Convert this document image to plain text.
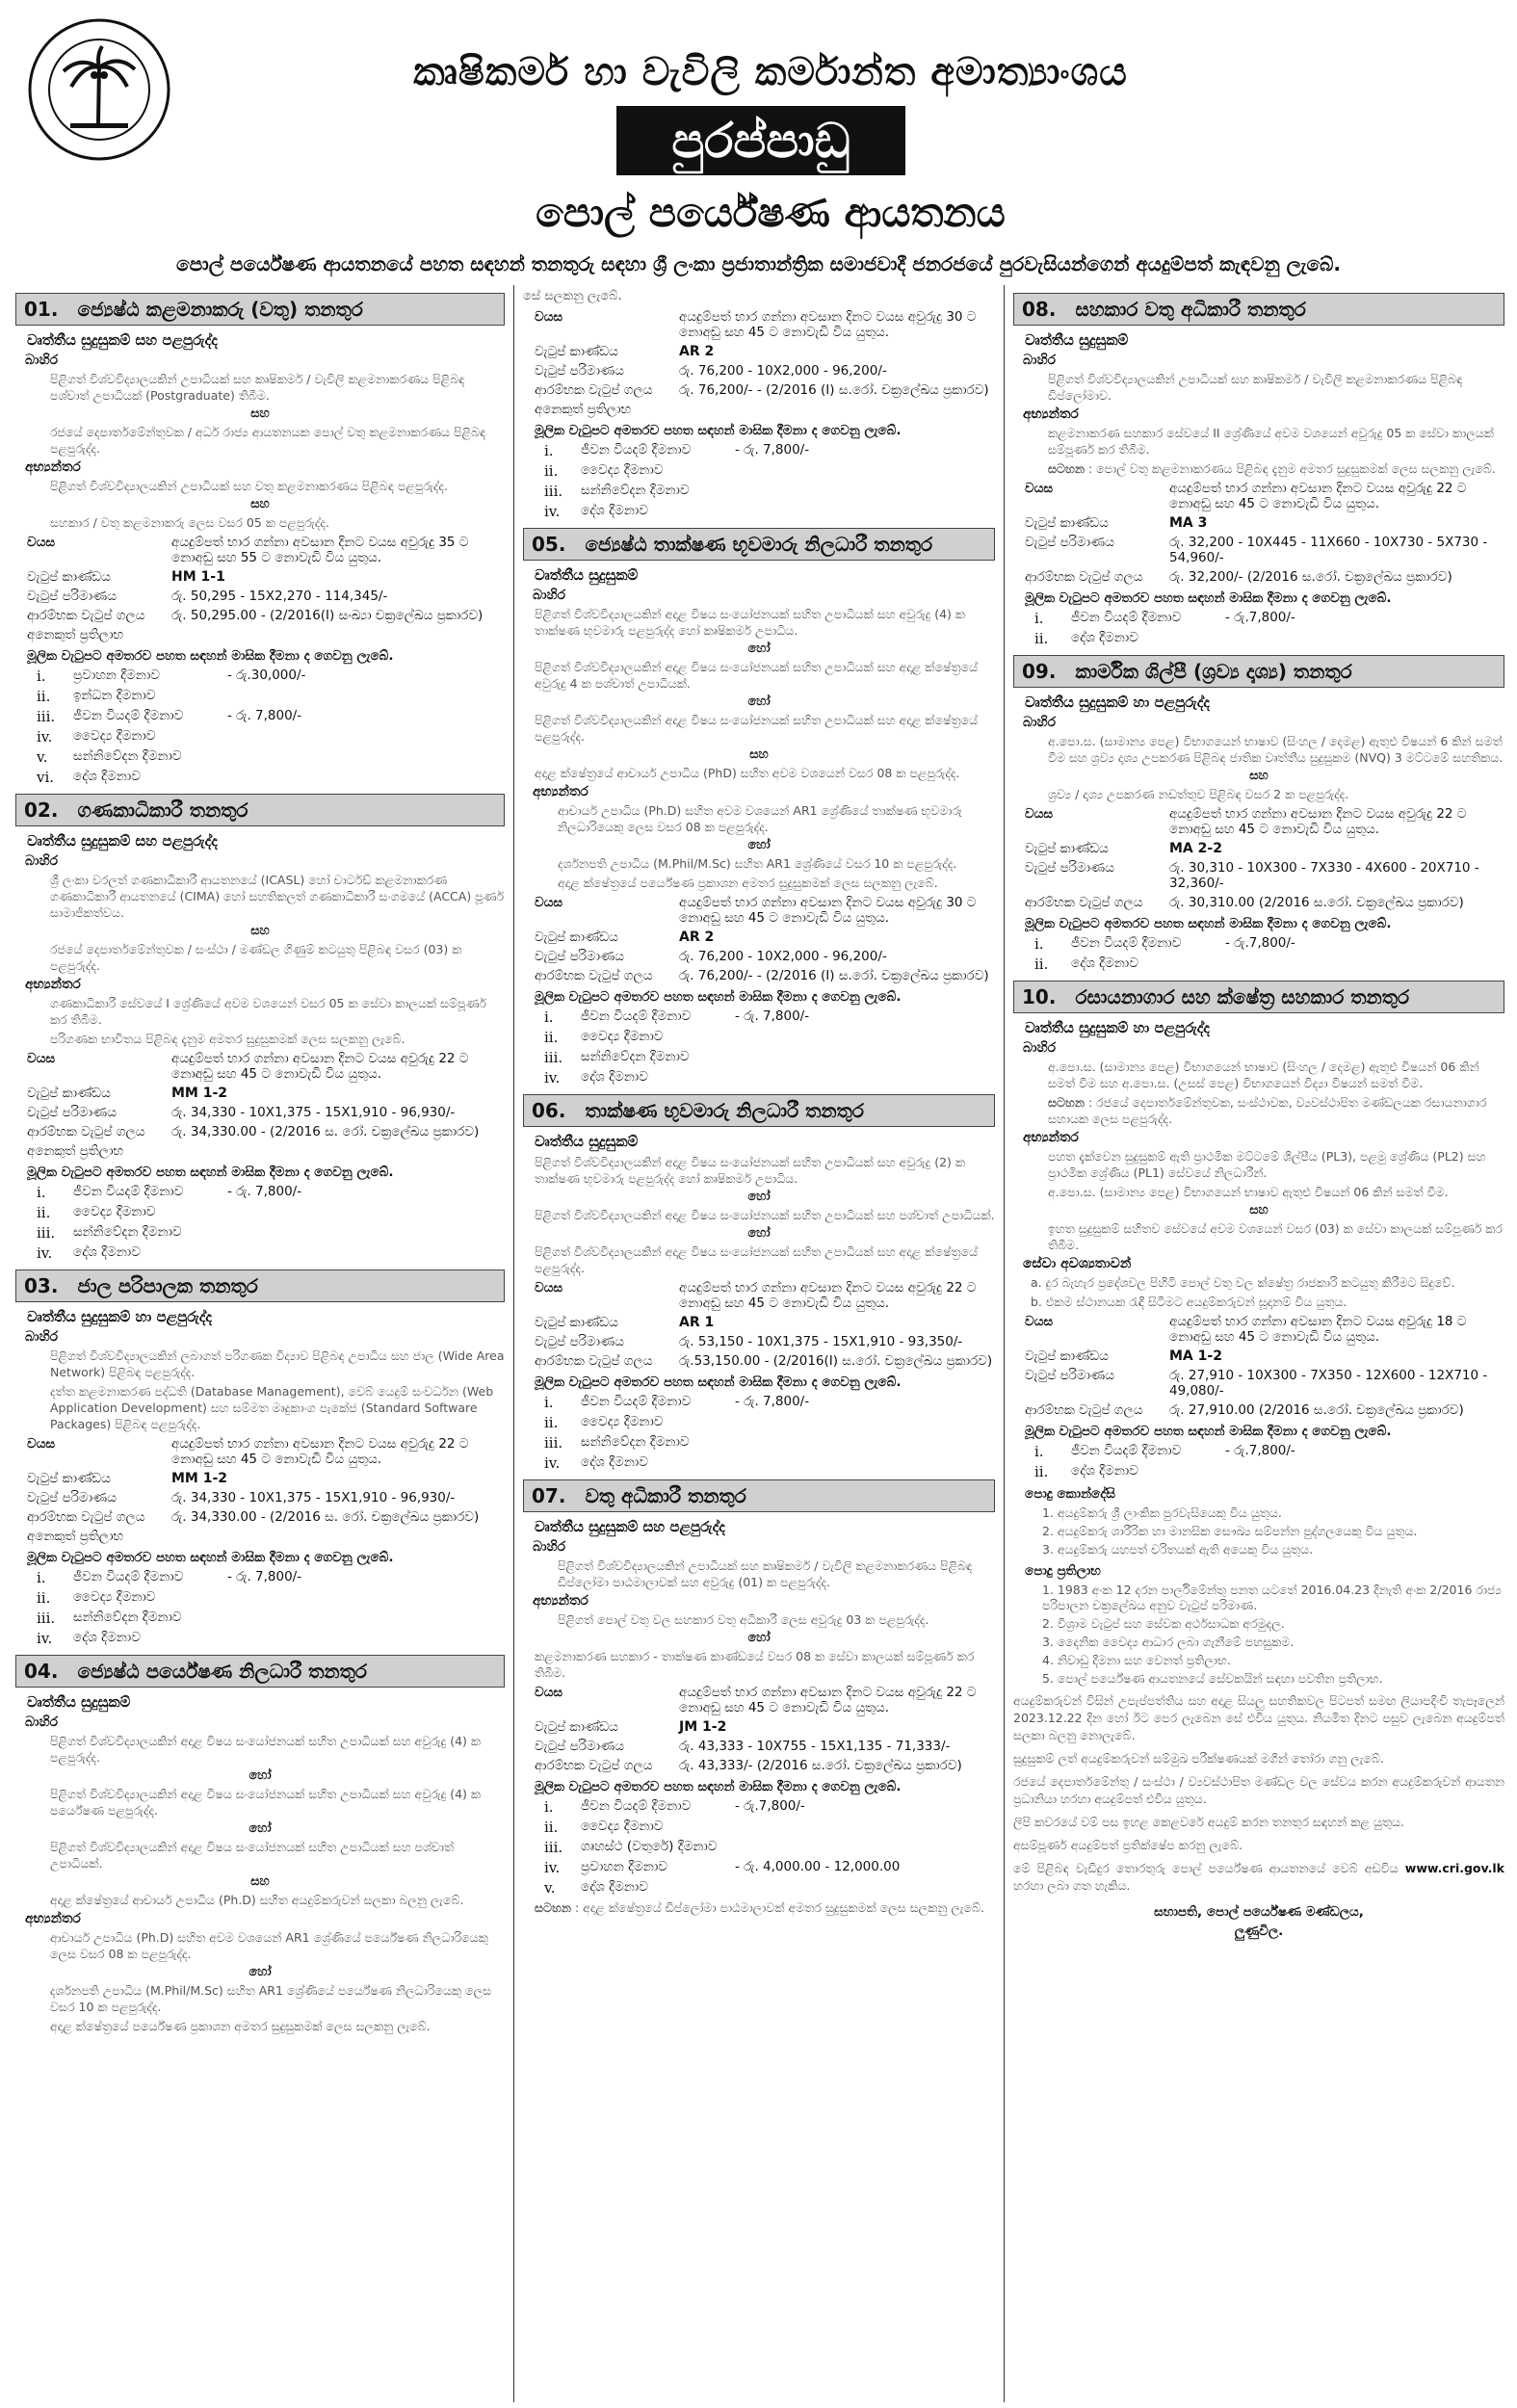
කෘෂිකර්ම හා වැවිලි කර්මාන්ත අමාත්‍යාංශය
පුරප්පාඩු
පොල් පර්යේෂණ ආයතනය
පොල් පර්යේෂණ ආයතනයේ පහත සඳහන් තනතුරු සඳහා ශ්‍රී ලංකා ප්‍රජාතාන්ත්‍රික සමාජවාදී ජනරජයේ පුරවැසියන්ගෙන් අයදුම්පත් කැඳවනු ලැබේ.
01. ජ්‍යෙෂ්ඨ කළමනාකරු (වතු) තනතුර
වෘත්තීය සුදුසුකම් සහ පළපුරුද්ද
බාහිර
පිළිගත් විශ්වවිද්‍යාලයකින් උපාධියක් සහ කෘෂිකර්ම / වැවිලි කළමනාකරණය පිළිබඳ පශ්චාත් උපාධියක් (Postgraduate) තිබීම.
සහ
රජයේ දෙපාර්තමේන්තුවක / අර්ධ රාජ්‍ය ආයතනයක පොල් වතු කළමනාකරණය පිළිබඳ පළපුරුද්ද.
අභ්‍යන්තර
පිළිගත් විශ්වවිද්‍යාලයකින් උපාධියක් සහ වතු කළමනාකරණය පිළිබඳ පළපුරුද්ද.
සහ
සහකාර / වතු කළමනාකරු ලෙස වසර 05 ක පළපුරුද්ද.
වයස	අයදුම්පත් භාර ගන්නා අවසාන දිනට වයස අවුරුදු 35 ට නොඅඩු සහ 55 ට නොවැඩි විය යුතුය.
වැටුප් කාණ්ඩය	HM 1-1
වැටුප් පරිමාණය	රු. 50,295 - 15X2,270 - 114,345/-
ආරම්භක වැටුප් ගලය	රු. 50,295.00 - (2/2016(I) සංඛ්‍යා චක්‍රලේඛය ප්‍රකාරව)
අනෙකුත් ප්‍රතිලාභ
මූලික වැටුපට අමතරව පහත සඳහන් මාසික දීමනා ද ගෙවනු ලැබේ.
i.	ප්‍රවාහන දීමනාව	- රු.30,000/-
ii.	ඉන්ධන දීමනාව
iii.	ජීවන වියදම් දීමනාව	- රු. 7,800/-
iv.	වෛද්‍ය දීමනාව
v.	සන්නිවේදන දීමනාව
vi.	දේශ දීමනාව
02. ගණකාධිකාරී තනතුර
වෘත්තීය සුදුසුකම් සහ පළපුරුද්ද
බාහිර
ශ්‍රී ලංකා වරලත් ගණකාධිකාරී ආයතනයේ (ICASL) හෝ චාර්ටඩ් කළමනාකරණ ගණකාධිකාරී ආයතනයේ (CIMA) හෝ සහතිකලත් ගණකාධිකාරී සංගමයේ (ACCA) පූර්ණ සාමාජිකත්වය.
සහ
රජයේ දෙපාර්තමේන්තුවක / සංස්ථා / මණ්ඩල ගිණුම් කටයුතු පිළිබඳ වසර (03) ක පළපුරුද්ද.
අභ්‍යන්තර
ගණකාධිකාරී සේවයේ I ශ්‍රේණියේ අවම වශයෙන් වසර 05 ක සේවා කාලයක් සම්පූර්ණ කර තිබීම.
පරිගණක භාවිතය පිළිබඳ දැනුම අමතර සුදුසුකමක් ලෙස සලකනු ලැබේ.
වයස	අයදුම්පත් භාර ගන්නා අවසාන දිනට වයස අවුරුදු 22 ට නොඅඩු සහ 45 ට නොවැඩි විය යුතුය.
වැටුප් කාණ්ඩය	MM 1-2
වැටුප් පරිමාණය	රු. 34,330 - 10X1,375 - 15X1,910 - 96,930/-
ආරම්භක වැටුප් ගලය	රු. 34,330.00 - (2/2016 ස. රෝ. චක්‍රලේඛය ප්‍රකාරව)
අනෙකුත් ප්‍රතිලාභ
මූලික වැටුපට අමතරව පහත සඳහන් මාසික දීමනා ද ගෙවනු ලැබේ.
i.	ජීවන වියදම් දීමනාව	- රු. 7,800/-
ii.	වෛද්‍ය දීමනාව
iii.	සන්නිවේදන දීමනාව
iv.	දේශ දීමනාව
03. ජාල පරිපාලක තනතුර
වෘත්තීය සුදුසුකම් හා පළපුරුද්ද
බාහිර
පිළිගත් විශ්වවිද්‍යාලයකින් ලබාගත් පරිගණක විද්‍යාව පිළිබඳ උපාධිය සහ ජාල (Wide Area Network) පිළිබඳ පළපුරුද්ද.
දත්ත කළමනාකරණ පද්ධති (Database Management), වෙබ් යෙදුම් සංවර්ධන (Web Application Development) සහ සම්මත මෘදුකාංග පැකේජ (Standard Software Packages) පිළිබඳ පළපුරුද්ද.
වයස	අයදුම්පත් භාර ගන්නා අවසාන දිනට වයස අවුරුදු 22 ට නොඅඩු සහ 45 ට නොවැඩි විය යුතුය.
වැටුප් කාණ්ඩය	MM 1-2
වැටුප් පරිමාණය	රු. 34,330 - 10X1,375 - 15X1,910 - 96,930/-
ආරම්භක වැටුප් ගලය	රු. 34,330.00 - (2/2016 ස. රෝ. චක්‍රලේඛය ප්‍රකාරව)
අනෙකුත් ප්‍රතිලාභ
මූලික වැටුපට අමතරව පහත සඳහන් මාසික දීමනා ද ගෙවනු ලැබේ.
i.	ජීවන වියදම් දීමනාව	- රු. 7,800/-
ii.	වෛද්‍ය දීමනාව
iii.	සන්නිවේදන දීමනාව
iv.	දේශ දීමනාව
04. ජ්‍යෙෂ්ඨ පර්යේෂණ නිලධාරී තනතුර
වෘත්තීය සුදුසුකම්
බාහිර
පිළිගත් විශ්වවිද්‍යාලයකින් අදාළ විෂය සංයෝජනයක් සහිත උපාධියක් සහ අවුරුදු (4) ක පළපුරුද්ද.
හෝ
පිළිගත් විශ්වවිද්‍යාලයකින් අදාළ විෂය සංයෝජනයක් සහිත උපාධියක් සහ අවුරුදු (4) ක පර්යේෂණ පළපුරුද්ද.
හෝ
පිළිගත් විශ්වවිද්‍යාලයකින් අදාළ විෂය සංයෝජනයක් සහිත උපාධියක් සහ පශ්චාත් උපාධියක්.
සහ
අදාළ ක්ෂේත්‍රයේ ආචාර්ය උපාධිය (Ph.D) සහිත අයදුම්කරුවන් සලකා බලනු ලැබේ.
අභ්‍යන්තර
ආචාර්ය උපාධිය (Ph.D) සහිත අවම වශයෙන් AR1 ශ්‍රේණියේ පර්යේෂණ නිලධාරියෙකු ලෙස වසර 08 ක පළපුරුද්ද.
හෝ
දර්ශනපති උපාධිය (M.Phil/M.Sc) සහිත AR1 ශ්‍රේණියේ පර්යේෂණ නිලධාරියෙකු ලෙස වසර 10 ක පළපුරුද්ද.
අදාළ ක්ෂේත්‍රයේ පර්යේෂණ ප්‍රකාශන අමතර සුදුසුකමක් ලෙස සලකනු ලැබේ.
සේ සලකනු ලැබේ.
වයස	අයදුම්පත් භාර ගන්නා අවසාන දිනට වයස අවුරුදු 30 ට නොඅඩු සහ 45 ට නොවැඩි විය යුතුය.
වැටුප් කාණ්ඩය	AR 2
වැටුප් පරිමාණය	රු. 76,200 - 10X2,000 - 96,200/-
ආරම්භක වැටුප් ගලය	රු. 76,200/- - (2/2016 (I) ස.රෝ. චක්‍රලේඛය ප්‍රකාරව)
අනෙකුත් ප්‍රතිලාභ
මූලික වැටුපට අමතරව පහත සඳහන් මාසික දීමනා ද ගෙවනු ලැබේ.
i.	ජීවන වියදම් දීමනාව	- රු. 7,800/-
ii.	වෛද්‍ය දීමනාව
iii.	සන්නිවේදන දීමනාව
iv.	දේශ දීමනාව
05. ජ්‍යෙෂ්ඨ තාක්ෂණ භූවමාරු නිලධාරී තනතුර
වෘත්තීය සුදුසුකම්
බාහිර
පිළිගත් විශ්වවිද්‍යාලයකින් අදාළ විෂය සංයෝජනයක් සහිත උපාධියක් සහ අවුරුදු (4) ක තාක්ෂණ භූවමාරු පළපුරුද්ද හෝ කෘෂිකර්ම උපාධිය.
හෝ
පිළිගත් විශ්වවිද්‍යාලයකින් අදාළ විෂය සංයෝජනයක් සහිත උපාධියක් සහ අදාළ ක්ෂේත්‍රයේ අවුරුදු 4 ක පශ්චාත් උපාධියක්.
හෝ
පිළිගත් විශ්වවිද්‍යාලයකින් අදාළ විෂය සංයෝජනයක් සහිත උපාධියක් සහ අදාළ ක්ෂේත්‍රයේ පළපුරුද්ද.
සහ
අදාළ ක්ෂේත්‍රයේ ආචාර්ය උපාධිය (PhD) සහිත අවම වශයෙන් වසර 08 ක පළපුරුද්ද.
අභ්‍යන්තර
ආචාර්ය උපාධිය (Ph.D) සහිත අවම වශයෙන් AR1 ශ්‍රේණියේ තාක්ෂණ භූවමාරු නිලධාරියෙකු ලෙස වසර 08 ක පළපුරුද්ද.
හෝ
දර්ශනපති උපාධිය (M.Phil/M.Sc) සහිත AR1 ශ්‍රේණියේ වසර 10 ක පළපුරුද්ද.
අදාළ ක්ෂේත්‍රයේ පර්යේෂණ ප්‍රකාශන අමතර සුදුසුකමක් ලෙස සලකනු ලැබේ.
වයස	අයදුම්පත් භාර ගන්නා අවසාන දිනට වයස අවුරුදු 30 ට නොඅඩු සහ 45 ට නොවැඩි විය යුතුය.
වැටුප් කාණ්ඩය	AR 2
වැටුප් පරිමාණය	රු. 76,200 - 10X2,000 - 96,200/-
ආරම්භක වැටුප් ගලය	රු. 76,200/- - (2/2016 (I) ස.රෝ. චක්‍රලේඛය ප්‍රකාරව)
මූලික වැටුපට අමතරව පහත සඳහන් මාසික දීමනා ද ගෙවනු ලැබේ.
i.	ජීවන වියදම් දීමනාව	- රු. 7,800/-
ii.	වෛද්‍ය දීමනාව
iii.	සන්නිවේදන දීමනාව
iv.	දේශ දීමනාව
06. තාක්ෂණ භුවමාරු නිලධාරී තනතුර
වෘත්තීය සුදුසුකම්
පිළිගත් විශ්වවිද්‍යාලයකින් අදාළ විෂය සංයෝජනයක් සහිත උපාධියක් සහ අවුරුදු (2) ක තාක්ෂණ භූවමාරු පළපුරුද්ද හෝ කෘෂිකර්ම උපාධිය.
හෝ
පිළිගත් විශ්වවිද්‍යාලයකින් අදාළ විෂය සංයෝජනයක් සහිත උපාධියක් සහ පශ්චාත් උපාධියක්.
හෝ
පිළිගත් විශ්වවිද්‍යාලයකින් අදාළ විෂය සංයෝජනයක් සහිත උපාධියක් සහ අදාළ ක්ෂේත්‍රයේ පළපුරුද්ද.
වයස	අයදුම්පත් භාර ගන්නා අවසාන දිනට වයස අවුරුදු 22 ට නොඅඩු සහ 45 ට නොවැඩි විය යුතුය.
වැටුප් කාණ්ඩය	AR 1
වැටුප් පරිමාණය	රු. 53,150 - 10X1,375 - 15X1,910 - 93,350/-
ආරම්භක වැටුප් ගලය	රු.53,150.00 - (2/2016(I) ස.රෝ. චක්‍රලේඛය ප්‍රකාරව)
මූලික වැටුපට අමතරව පහත සඳහන් මාසික දීමනා ද ගෙවනු ලැබේ.
i.	ජීවන වියදම් දීමනාව	- රු. 7,800/-
ii.	වෛද්‍ය දීමනාව
iii.	සන්නිවේදන දීමනාව
iv.	දේශ දීමනාව
07. වතු අධිකාරී තනතුර
වෘත්තීය සුදුසුකම් සහ පළපුරුද්ද
බාහිර
පිළිගත් විශ්වවිද්‍යාලයකින් උපාධියක් සහ කෘෂිකර්ම / වැවිලි කළමනාකරණය පිළිබඳ ඩිප්ලෝමා පාඨමාලාවක් සහ අවුරුදු (01) ක පළපුරුද්ද.
අභ්‍යන්තර
පිළිගත් පොල් වතු වල සහකාර වතු අධිකාරී ලෙස අවුරුදු 03 ක පළපුරුද්ද.
හෝ
කළමනාකරණ සහකාර - තාක්ෂණ කාණ්ඩයේ වසර 08 ක සේවා කාලයක් සම්පූර්ණ කර තිබීම.
වයස	අයදුම්පත් භාර ගන්නා අවසාන දිනට වයස අවුරුදු 22 ට නොඅඩු සහ 45 ට නොවැඩි විය යුතුය.
වැටුප් කාණ්ඩය	JM 1-2
වැටුප් පරිමාණය	රු. 43,333 - 10X755 - 15X1,135 - 71,333/-
ආරම්භක වැටුප් ගලය	රු. 43,333/- (2/2016 ස.රෝ. චක්‍රලේඛය ප්‍රකාරව)
මූලික වැටුපට අමතරව පහත සඳහන් මාසික දීමනා ද ගෙවනු ලැබේ.
i.	ජීවන වියදම් දීමනාව	- රු.7,800/-
ii.	වෛද්‍ය දීමනාව
iii.	ගෘහස්ථ (වතුරේ) දීමනාව
iv.	ප්‍රවාහන දීමනාව	- රු. 4,000.00 - 12,000.00
v.	දේශ දීමනාව
සටහන : අදාළ ක්ෂේත්‍රයේ ඩිප්ලෝමා පාඨමාලාවක් අමතර සුදුසුකමක් ලෙස සලකනු ලැබේ.
08. සහකාර වතු අධිකාරී තනතුර
වෘත්තීය සුදුසුකම්
බාහිර
පිළිගත් විශ්වවිද්‍යාලයකින් උපාධියක් සහ කෘෂිකර්ම / වැවිලි කළමනාකරණය පිළිබඳ ඩිප්ලෝමාව.
අභ්‍යන්තර
කළමනාකරණ සහකාර සේවයේ II ශ්‍රේණියේ අවම වශයෙන් අවුරුදු 05 ක සේවා කාලයක් සම්පූර්ණ කර තිබීම.
සටහන : පොල් වතු කළමනාකරණය පිළිබඳ දැනුම අමතර සුදුසුකමක් ලෙස සලකනු ලැබේ.
වයස	අයදුම්පත් භාර ගන්නා අවසාන දිනට වයස අවුරුදු 22 ට නොඅඩු සහ 45 ට නොවැඩි විය යුතුය.
වැටුප් කාණ්ඩය	MA 3
වැටුප් පරිමාණය	රු. 32,200 - 10X445 - 11X660 - 10X730 - 5X730 - 54,960/-
ආරම්භක වැටුප් ගලය	රු. 32,200/- (2/2016 ස.රෝ. චක්‍රලේඛය ප්‍රකාරව)
මූලික වැටුපට අමතරව පහත සඳහන් මාසික දීමනා ද ගෙවනු ලැබේ.
i.	ජීවන වියදම් දීමනාව	- රු.7,800/-
ii.	දේශ දීමනාව
09. කාර්මික ශිල්පී (ශ්‍රව්‍ය දෘශ්‍ය) තනතුර
වෘත්තීය සුදුසුකම් හා පළපුරුද්ද
බාහිර
අ.පො.ස. (සාමාන්‍ය පෙළ) විභාගයෙන් භාෂාව (සිංහල / දෙමළ) ඇතුළු විෂයන් 6 කින් සමත් වීම සහ ශ්‍රව්‍ය දෘශ්‍ය උපකරණ පිළිබඳ ජාතික වෘත්තීය සුදුසුකම (NVQ) 3 මට්ටමේ සහතිකය.
සහ
ශ්‍රව්‍ය / දෘශ්‍ය උපකරණ නඩත්තුව පිළිබඳ වසර 2 ක පළපුරුද්ද.
වයස	අයදුම්පත් භාර ගන්නා අවසාන දිනට වයස අවුරුදු 22 ට නොඅඩු සහ 45 ට නොවැඩි විය යුතුය.
වැටුප් කාණ්ඩය	MA 2-2
වැටුප් පරිමාණය	රු. 30,310 - 10X300 - 7X330 - 4X600 - 20X710 - 32,360/-
ආරම්භක වැටුප් ගලය	රු. 30,310.00 (2/2016 ස.රෝ. චක්‍රලේඛය ප්‍රකාරව)
මූලික වැටුපට අමතරව පහත සඳහන් මාසික දීමනා ද ගෙවනු ලැබේ.
i.	ජීවන වියදම් දීමනාව	- රු.7,800/-
ii.	දේශ දීමනාව
10. රසායනාගාර සහ ක්ෂේත්‍ර සහකාර තනතුර
වෘත්තීය සුදුසුකම් හා පළපුරුද්ද
බාහිර
අ.පො.ස. (සාමාන්‍ය පෙළ) විභාගයෙන් භාෂාව (සිංහල / දෙමළ) ඇතුළු විෂයන් 06 කින් සමත් වීම සහ අ.පො.ස. (උසස් පෙළ) විභාගයෙන් විද්‍යා විෂයන් සමත් වීම.
සටහන : රජයේ දෙපාර්තමේන්තුවක, සංස්ථාවක, ව්‍යවස්ථාපිත මණ්ඩලයක රසායනාගාර සහායක ලෙස පළපුරුද්ද.
අභ්‍යන්තර
පහත දැක්වෙන සුදුසුකම් ඇති ප්‍රාථමික මට්ටමේ ශිල්පීය (PL3), පළමු ශ්‍රේණිය (PL2) සහ ප්‍රාථමික ශ්‍රේණිය (PL1) සේවයේ නිලධාරීන්.
අ.පො.ස. (සාමාන්‍ය පෙළ) විභාගයෙන් භාෂාව ඇතුළු විෂයන් 06 කින් සමත් වීම.
සහ
ඉහත සුදුසුකම් සහිතව සේවයේ අවම වශයෙන් වසර (03) ක සේවා කාලයක් සම්පූර්ණ කර තිබීම.
සේවා අවශ්‍යතාවන්
a. දුර බැහැර ප්‍රදේශවල පිහිටි පොල් වතු වල ක්ෂේත්‍ර රාජකාරි කටයුතු කිරීමට සිදුවේ.
b. එකම ස්ථානයක රැඳී සිටීමට අයදුම්කරුවන් සූදානම් විය යුතුය.
වයස	අයදුම්පත් භාර ගන්නා අවසාන දිනට වයස අවුරුදු 18 ට නොඅඩු සහ 45 ට නොවැඩි විය යුතුය.
වැටුප් කාණ්ඩය	MA 1-2
වැටුප් පරිමාණය	රු. 27,910 - 10X300 - 7X350 - 12X600 - 12X710 - 49,080/-
ආරම්භක වැටුප් ගලය	රු. 27,910.00 (2/2016 ස.රෝ. චක්‍රලේඛය ප්‍රකාරව)
මූලික වැටුපට අමතරව පහත සඳහන් මාසික දීමනා ද ගෙවනු ලැබේ.
i.	ජීවන වියදම් දීමනාව	- රු.7,800/-
ii.	දේශ දීමනාව
පොදු කොන්දේසි
1. අයදුම්කරු ශ්‍රී ලාංකික පුරවැසියෙකු විය යුතුය.
2. අයදුම්කරු ශාරීරික හා මානසික සෞඛ්‍ය සම්පන්න පුද්ගලයෙකු විය යුතුය.
3. අයදුම්කරු යහපත් චරිතයක් ඇති අයෙකු විය යුතුය.
පොදු ප්‍රතිලාභ
1. 1983 අංක 12 දරන පාර්ලිමේන්තු පනත යටතේ 2016.04.23 දිනැති අංක 2/2016 රාජ්‍ය පරිපාලන චක්‍රලේඛය අනුව වැටුප් පරිමාණ.
2. විශ්‍රාම වැටුප් සහ සේවක අර්ථසාධක අරමුදල.
3. දෛනික වෛද්‍ය ආධාර ලබා ගැනීමේ පහසුකම.
4. නිවාඩු දීමනා සහ වෙනත් ප්‍රතිලාභ.
5. පොල් පර්යේෂණ ආයතනයේ සේවකයින් සඳහා පවතින ප්‍රතිලාභ.
අයදුම්කරුවන් විසින් උපැප්පත්තිය සහ අදාළ සියලු සහතිකවල පිටපත් සමඟ ලියාපදිංචි තැපෑලෙන් 2023.12.22 දින හෝ ඊට පෙර ලැබෙන සේ එවිය යුතුය. නියමිත දිනට පසුව ලැබෙන අයදුම්පත් සලකා බලනු නොලැබේ.
සුදුසුකම් ලත් අයදුම්කරුවන් සම්මුඛ පරීක්ෂණයක් මගින් තෝරා ගනු ලැබේ.
රජයේ දෙපාර්තමේන්තු / සංස්ථා / ව්‍යවස්ථාපිත මණ්ඩල වල සේවය කරන අයදුම්කරුවන් ආයතන ප්‍රධානියා හරහා අයදුම්පත් එවිය යුතුය.
ලිපි කවරයේ වම් පස ඉහළ කෙළවරේ අයදුම් කරන තනතුර සඳහන් කළ යුතුය.
අසම්පූර්ණ අයදුම්පත් ප්‍රතික්ෂේප කරනු ලැබේ.
මේ පිළිබඳ වැඩිදුර තොරතුරු පොල් පර්යේෂණ ආයතනයේ වෙබ් අඩවිය www.cri.gov.lk හරහා ලබා ගත හැකිය.
සභාපති, පොල් පර්යේෂණ මණ්ඩලය,
ලුණුවිල.
